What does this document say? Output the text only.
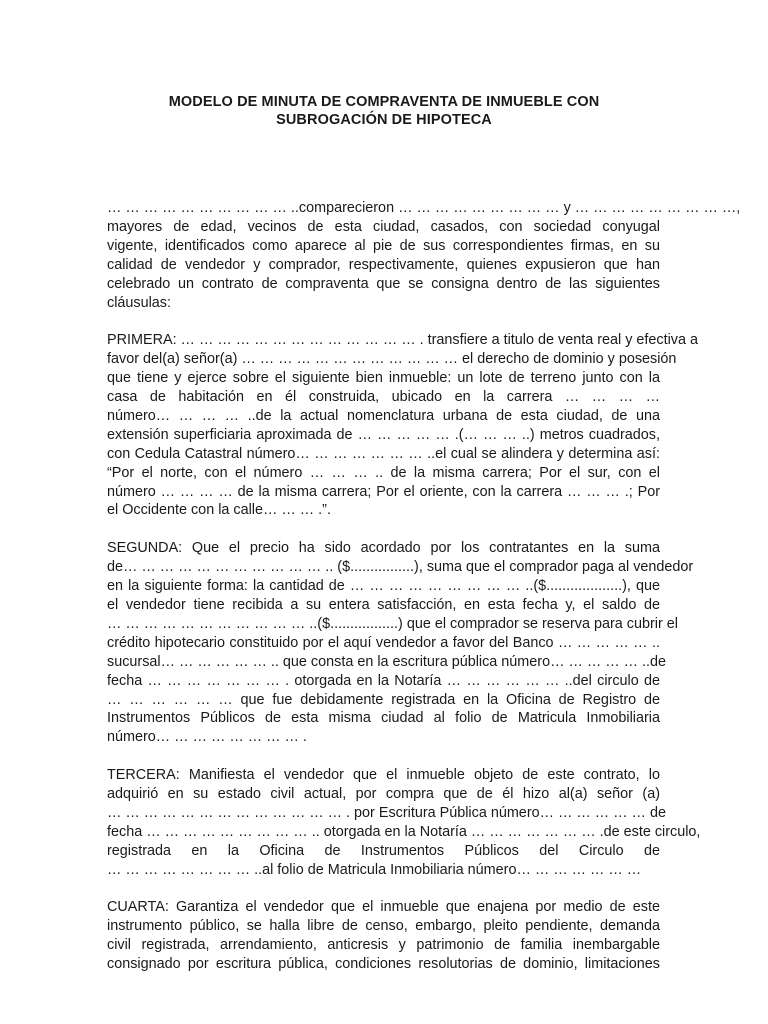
MODELO DE MINUTA DE COMPRAVENTA DE INMUEBLE CON
SUBROGACIÓN DE HIPOTECA
… … … … … … … … … … ..comparecieron … … … … … … … … … y … … … … … … … … …,
mayores de edad, vecinos de esta ciudad, casados, con sociedad conyugal
vigente, identificados como aparece al pie de sus correspondientes firmas, en su
calidad de vendedor y comprador, respectivamente, quienes expusieron que han
celebrado un contrato de compraventa que se consigna dentro de las siguientes
cláusulas:
PRIMERA: … … … … … … … … … … … … … . transfiere a titulo de venta real y efectiva a
favor del(a) señor(a) … … … … … … … … … … … … el derecho de dominio y posesión
que tiene y ejerce sobre el siguiente bien inmueble: un lote de terreno junto con la
casa de habitación en él construida, ubicado en la carrera … … … …
número… … … … ..de la actual nomenclatura urbana de esta ciudad, de una
extensión superficiaria aproximada de … … … … … .(… … … ..) metros cuadrados,
con Cedula Catastral número… … … … … … … ..el cual se alindera y determina así:
“Por el norte, con el número … … … .. de la misma carrera; Por el sur, con el
número … … … … de la misma carrera; Por el oriente, con la carrera … … … .; Por
el Occidente con la calle… … … .”.
SEGUNDA: Que el precio ha sido acordado por los contratantes en la suma
de… … … … … … … … … … … .. ($................), suma que el comprador paga al vendedor
en la siguiente forma: la cantidad de … … … … … … … … … ..($...................), que
el vendedor tiene recibida a su entera satisfacción, en esta fecha y, el saldo de
… … … … … … … … … … … ..($.................) que el comprador se reserva para cubrir el
crédito hipotecario constituido por el aquí vendedor a favor del Banco … … … … … ..
sucursal… … … … … … .. que consta en la escritura pública número… … … … … ..de
fecha … … … … … … … . otorgada en la Notaría … … … … … … ..del circulo de
… … … … … … que fue debidamente registrada en la Oficina de Registro de
Instrumentos Públicos de esta misma ciudad al folio de Matricula Inmobiliaria
número… … … … … … … … .
TERCERA: Manifiesta el vendedor que el inmueble objeto de este contrato, lo
adquirió en su estado civil actual, por compra que de él hizo al(a) señor (a)
… … … … … … … … … … … … … . por Escritura Pública número… … … … … … de
fecha … … … … … … … … … .. otorgada en la Notaría … … … … … … … .de este circulo,
registrada en la Oficina de Instrumentos Públicos del Circulo de
… … … … … … … … ..al folio de Matricula Inmobiliaria número… … … … … … …
CUARTA: Garantiza el vendedor que el inmueble que enajena por medio de este
instrumento público, se halla libre de censo, embargo, pleito pendiente, demanda
civil registrada, arrendamiento, anticresis y patrimonio de familia inembargable
consignado por escritura pública, condiciones resolutorias de dominio, limitaciones
